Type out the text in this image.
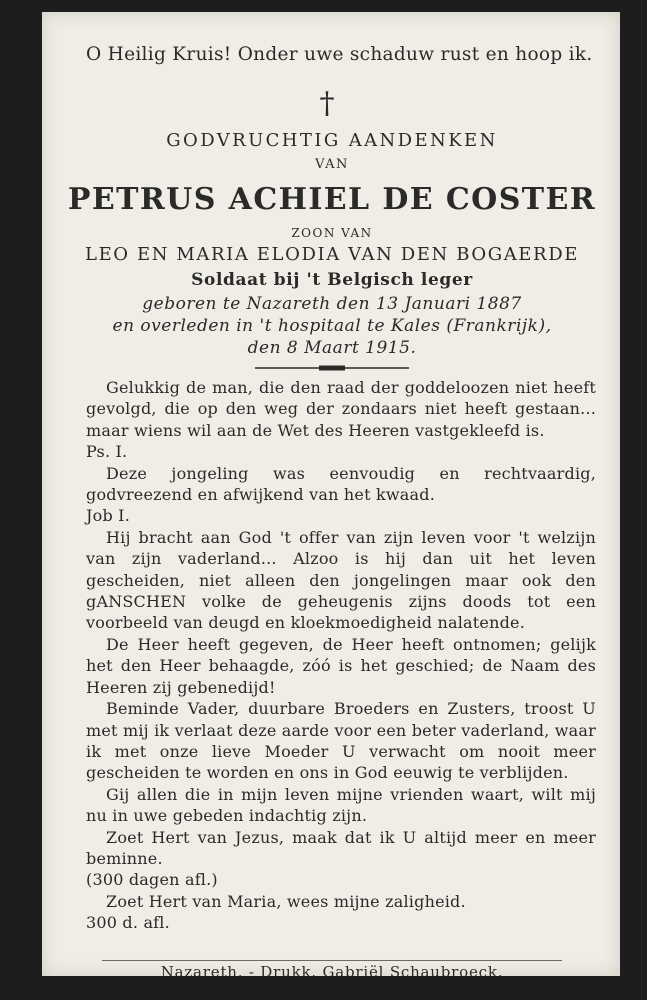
O Heilig Kruis! Onder uwe schaduw rust en hoop ik.

†

GODVRUCHTIG AANDENKEN

VAN

PETRUS ACHIEL DE COSTER

ZOON VAN

LEO EN MARIA ELODIA VAN DEN BOGAERDE

Soldaat bij 't Belgisch leger

geboren te Nazareth den 13 Januari 1887

en overleden in 't hospitaal te Kales (Frankrijk),

den 8 Maart 1915.

Gelukkig de man, die den raad der goddeloozen niet heeft gevolgd, die op den weg der zondaars niet heeft gestaan... maar wiens wil aan de Wet des Heeren vastgekleefd is.

Ps. I.

Deze jongeling was eenvoudig en rechtvaardig, godvreezend en afwijkend van het kwaad.

Job I.

Hij bracht aan God 't offer van zijn leven voor 't welzijn van zijn vaderland... Alzoo is hij dan uit het leven gescheiden, niet alleen den jongelingen maar ook den gANSCHEN volke de geheugenis zijns doods tot een voorbeeld van deugd en kloekmoedigheid nalatende.

De Heer heeft gegeven, de Heer heeft ontnomen; gelijk het den Heer behaagde, zóó is het geschied; de Naam des Heeren zij gebenedijd!

Beminde Vader, duurbare Broeders en Zusters, troost U met mij ik verlaat deze aarde voor een beter vaderland, waar ik met onze lieve Moeder U verwacht om nooit meer gescheiden te worden en ons in God eeuwig te verblijden.

Gij allen die in mijn leven mijne vrienden waart, wilt mij nu in uwe gebeden indachtig zijn.

Zoet Hert van Jezus, maak dat ik U altijd meer en meer beminne.

(300 dagen afl.)

Zoet Hert van Maria, wees mijne zaligheid.

300 d. afl.

Nazareth. - Drukk. Gabriël Schaubroeck.
